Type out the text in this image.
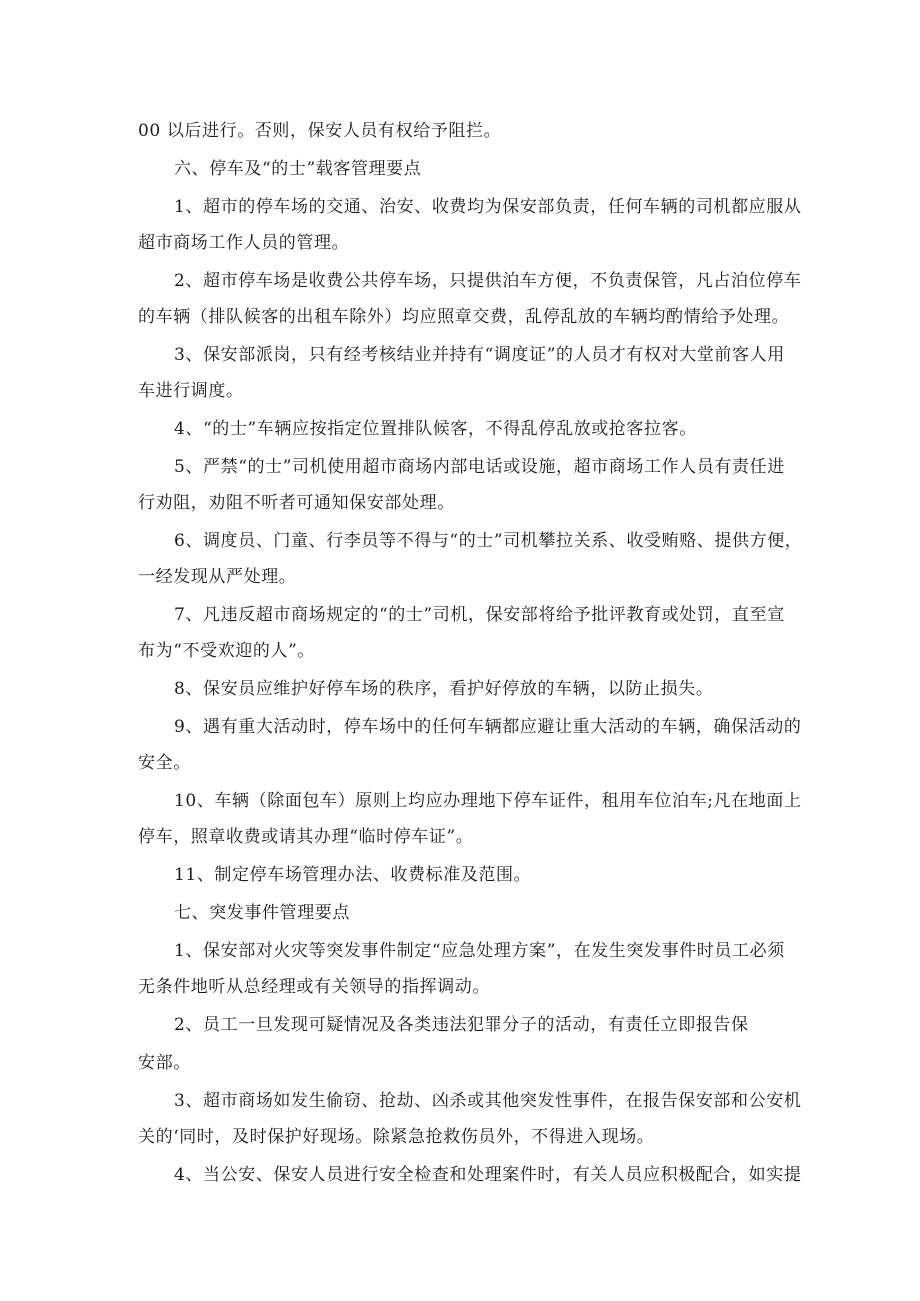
00 以后进行。否则，保安人员有权给予阻拦。
六、停车及“的士”载客管理要点
1、超市的停车场的交通、治安、收费均为保安部负责，任何车辆的司机都应服从
超市商场工作人员的管理。
2、超市停车场是收费公共停车场，只提供泊车方便，不负责保管，凡占泊位停车
的车辆（排队候客的出租车除外）均应照章交费，乱停乱放的车辆均酌情给予处理。
3、保安部派岗，只有经考核结业并持有“调度证”的人员才有权对大堂前客人用
车进行调度。
4、“的士”车辆应按指定位置排队候客，不得乱停乱放或抢客拉客。
5、严禁“的士”司机使用超市商场内部电话或设施，超市商场工作人员有责任进
行劝阻，劝阻不听者可通知保安部处理。
6、调度员、门童、行李员等不得与“的士”司机攀拉关系、收受贿赂、提供方便，
一经发现从严处理。
7、凡违反超市商场规定的“的士”司机，保安部将给予批评教育或处罚，直至宣
布为“不受欢迎的人”。
8、保安员应维护好停车场的秩序，看护好停放的车辆，以防止损失。
9、遇有重大活动时，停车场中的任何车辆都应避让重大活动的车辆，确保活动的
安全。
10、车辆（除面包车）原则上均应办理地下停车证件，租用车位泊车;凡在地面上
停车，照章收费或请其办理“临时停车证”。
11、制定停车场管理办法、收费标准及范围。
七、突发事件管理要点
1、保安部对火灾等突发事件制定“应急处理方案”，在发生突发事件时员工必须
无条件地听从总经理或有关领导的指挥调动。
2、员工一旦发现可疑情况及各类违法犯罪分子的活动，有责任立即报告保
安部。
3、超市商场如发生偷窃、抢劫、凶杀或其他突发性事件，在报告保安部和公安机
关的‘同时，及时保护好现场。除紧急抢救伤员外，不得进入现场。
4、当公安、保安人员进行安全检查和处理案件时，有关人员应积极配合，如实提
